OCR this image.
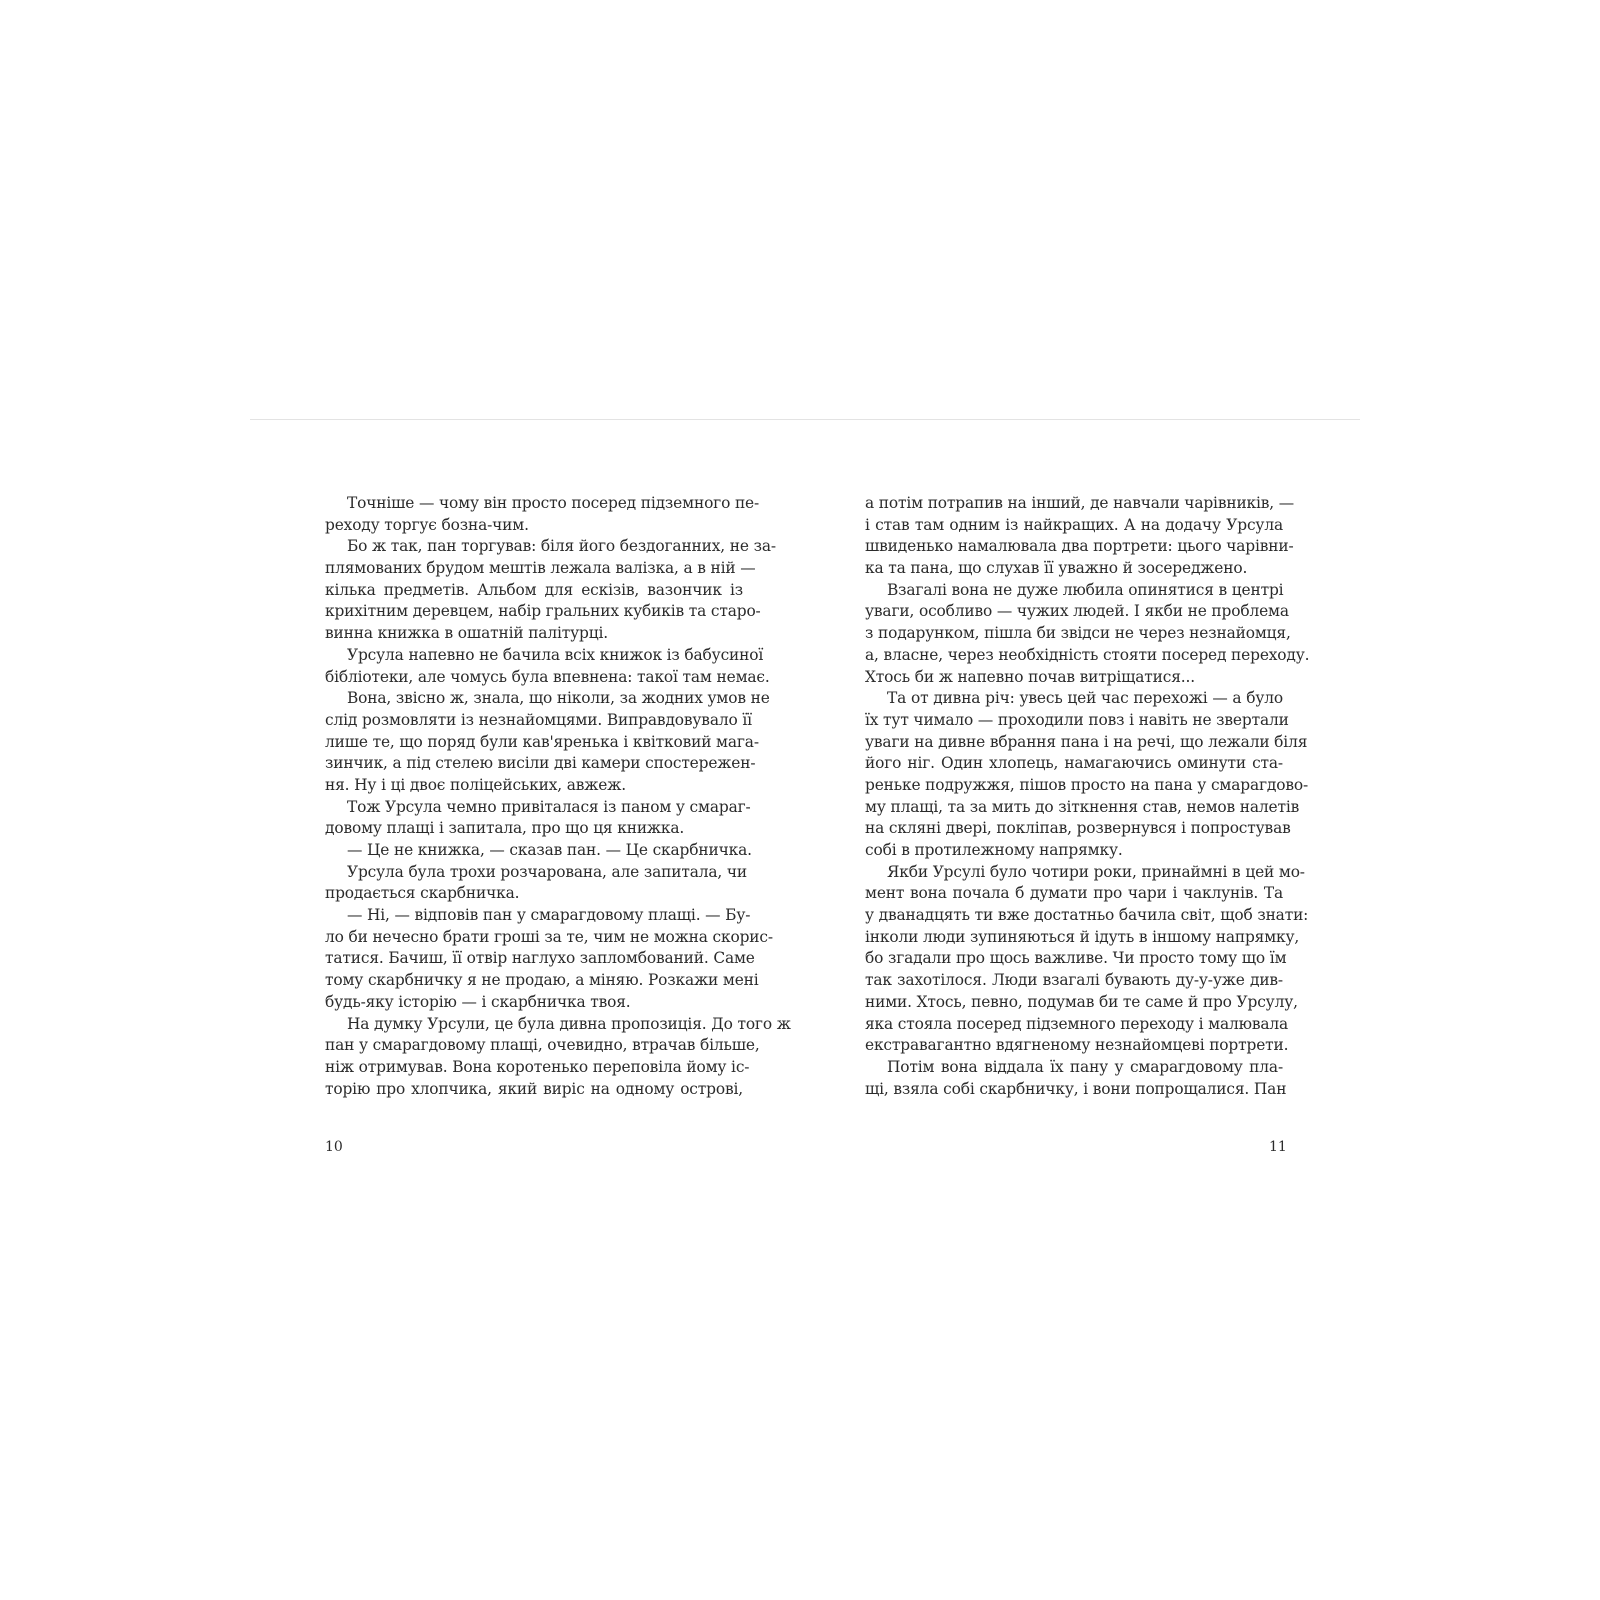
Точніше — чому він просто посеред підземного пе-
реходу торгує бозна-чим.
Бо ж так, пан торгував: біля його бездоганних, не за-
плямованих брудом мештів лежала валізка, а в ній —
кілька предметів. Альбом для ескізів, вазончик із
крихітним деревцем, набір гральних кубиків та старо-
винна книжка в ошатній палітурці.
Урсула напевно не бачила всіх книжок із бабусиної
бібліотеки, але чомусь була впевнена: такої там немає.
Вона, звісно ж, знала, що ніколи, за жодних умов не
слід розмовляти із незнайомцями. Виправдовувало її
лише те, що поряд були кав'яренька і квітковий мага-
зинчик, а під стелею висіли дві камери спостережен-
ня. Ну і ці двоє поліцейських, авжеж.
Тож Урсула чемно привіталася із паном у смараг-
довому плащі і запитала, про що ця книжка.
— Це не книжка, — сказав пан. — Це скарбничка.
Урсула була трохи розчарована, але запитала, чи
продається скарбничка.
— Ні, — відповів пан у смарагдовому плащі. — Бу-
ло би нечесно брати гроші за те, чим не можна скорис-
татися. Бачиш, її отвір наглухо запломбований. Саме
тому скарбничку я не продаю, а міняю. Розкажи мені
будь-яку історію — і скарбничка твоя.
На думку Урсули, це була дивна пропозиція. До того ж
пан у смарагдовому плащі, очевидно, втрачав більше,
ніж отримував. Вона коротенько переповіла йому іс-
торію про хлопчика, який виріс на одному острові,
а потім потрапив на інший, де навчали чарівників, —
і став там одним із найкращих. А на додачу Урсула
швиденько намалювала два портрети: цього чарівни-
ка та пана, що слухав її уважно й зосереджено.
Взагалі вона не дуже любила опинятися в центрі
уваги, особливо — чужих людей. І якби не проблема
з подарунком, пішла би звідси не через незнайомця,
а, власне, через необхідність стояти посеред переходу.
Хтось би ж напевно почав витріщатися...
Та от дивна річ: увесь цей час перехожі — а було
їх тут чимало — проходили повз і навіть не звертали
уваги на дивне вбрання пана і на речі, що лежали біля
його ніг. Один хлопець, намагаючись оминути ста-
реньке подружжя, пішов просто на пана у смарагдово-
му плащі, та за мить до зіткнення став, немов налетів
на скляні двері, покліпав, розвернувся і попростував
собі в протилежному напрямку.
Якби Урсулі було чотири роки, принаймні в цей мо-
мент вона почала б думати про чари і чаклунів. Та
у дванадцять ти вже достатньо бачила світ, щоб знати:
інколи люди зупиняються й ідуть в іншому напрямку,
бо згадали про щось важливе. Чи просто тому що їм
так захотілося. Люди взагалі бувають ду-у-уже див-
ними. Хтось, певно, подумав би те саме й про Урсулу,
яка стояла посеред підземного переходу і малювала
екстравагантно вдягненому незнайомцеві портрети.
Потім вона віддала їх пану у смарагдовому пла-
щі, взяла собі скарбничку, і вони попрощалися. Пан
10	11
